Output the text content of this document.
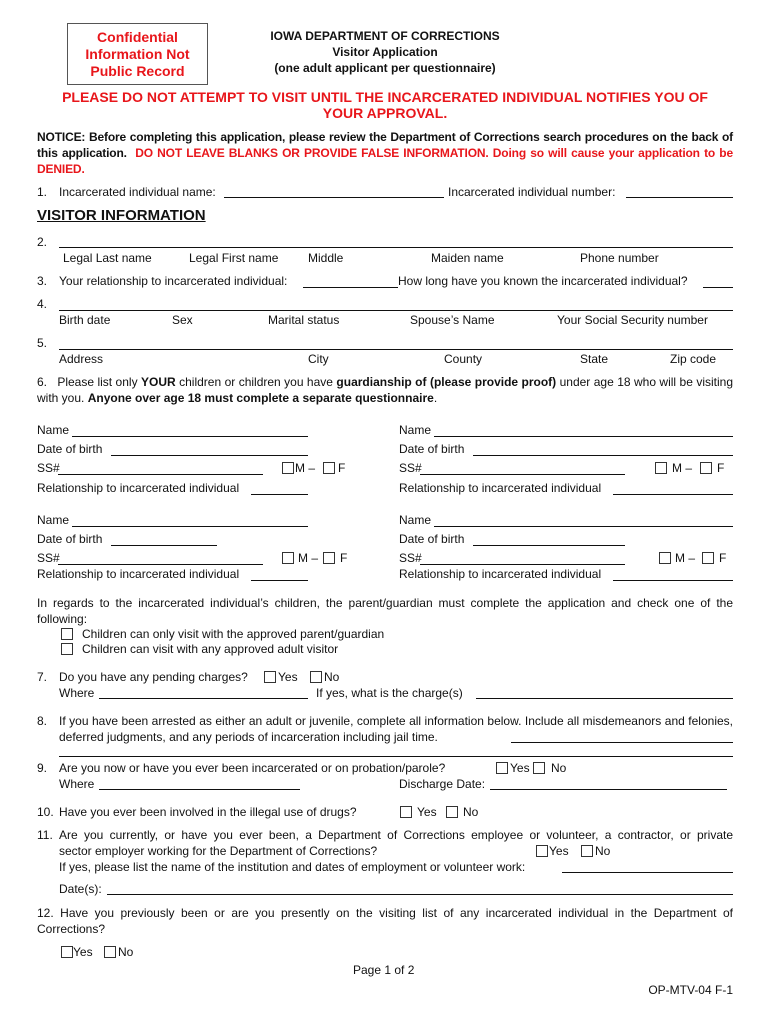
Confidential
Information Not
Public Record
IOWA DEPARTMENT OF CORRECTIONS
Visitor Application
(one adult applicant per questionnaire)
PLEASE DO NOT ATTEMPT TO VISIT UNTIL THE INCARCERATED INDIVIDUAL NOTIFIES YOU OF
YOUR APPROVAL.
NOTICE: Before completing this application, please review the Department of Corrections search procedures on the back of this application. DO NOT LEAVE BLANKS OR PROVIDE FALSE INFORMATION. Doing so will cause your application to be DENIED.
1. Incarcerated individual name:	Incarcerated individual number:
VISITOR INFORMATION
2.
Legal Last name	Legal First name Middle	Maiden name	Phone number
3. Your relationship to incarcerated individual:	How long have you known the incarcerated individual?
4.
Birth date	Sex	Marital status	Spouse’s Name	Your Social Security number
5.
Address	City	County	State	Zip code
6. Please list only YOUR children or children you have guardianship of (please provide proof) under age 18 who will be visiting with you. Anyone over age 18 must complete a separate questionnaire.
Name
Date of birth
SS#	M – F
Relationship to incarcerated individual
Name
Date of birth
SS#	M – F
Relationship to incarcerated individual
Name
Date of birth
SS#	M – F
Relationship to incarcerated individual
Name
Date of birth
SS#	M – F
Relationship to incarcerated individual
In regards to the incarcerated individual’s children, the parent/guardian must complete the application and check one of the following:
Children can only visit with the approved parent/guardian
Children can visit with any approved adult visitor
7. Do you have any pending charges?	Yes No
Where	If yes, what is the charge(s)
8. If you have been arrested as either an adult or juvenile, complete all information below. Include all misdemeanors and felonies, deferred judgments, and any periods of incarceration including jail time.
9. Are you now or have you ever been incarcerated or on probation/parole?	Yes No
Where	Discharge Date:
10. Have you ever been involved in the illegal use of drugs?	Yes No
11. Are you currently, or have you ever been, a Department of Corrections employee or volunteer, a contractor, or private
sector employer working for the Department of Corrections?	Yes No
If yes, please list the name of the institution and dates of employment or volunteer work:
Date(s):
12. Have you previously been or are you presently on the visiting list of any incarcerated individual in the Department of Corrections?
Yes No
Page 1 of 2
OP-MTV-04 F-1
